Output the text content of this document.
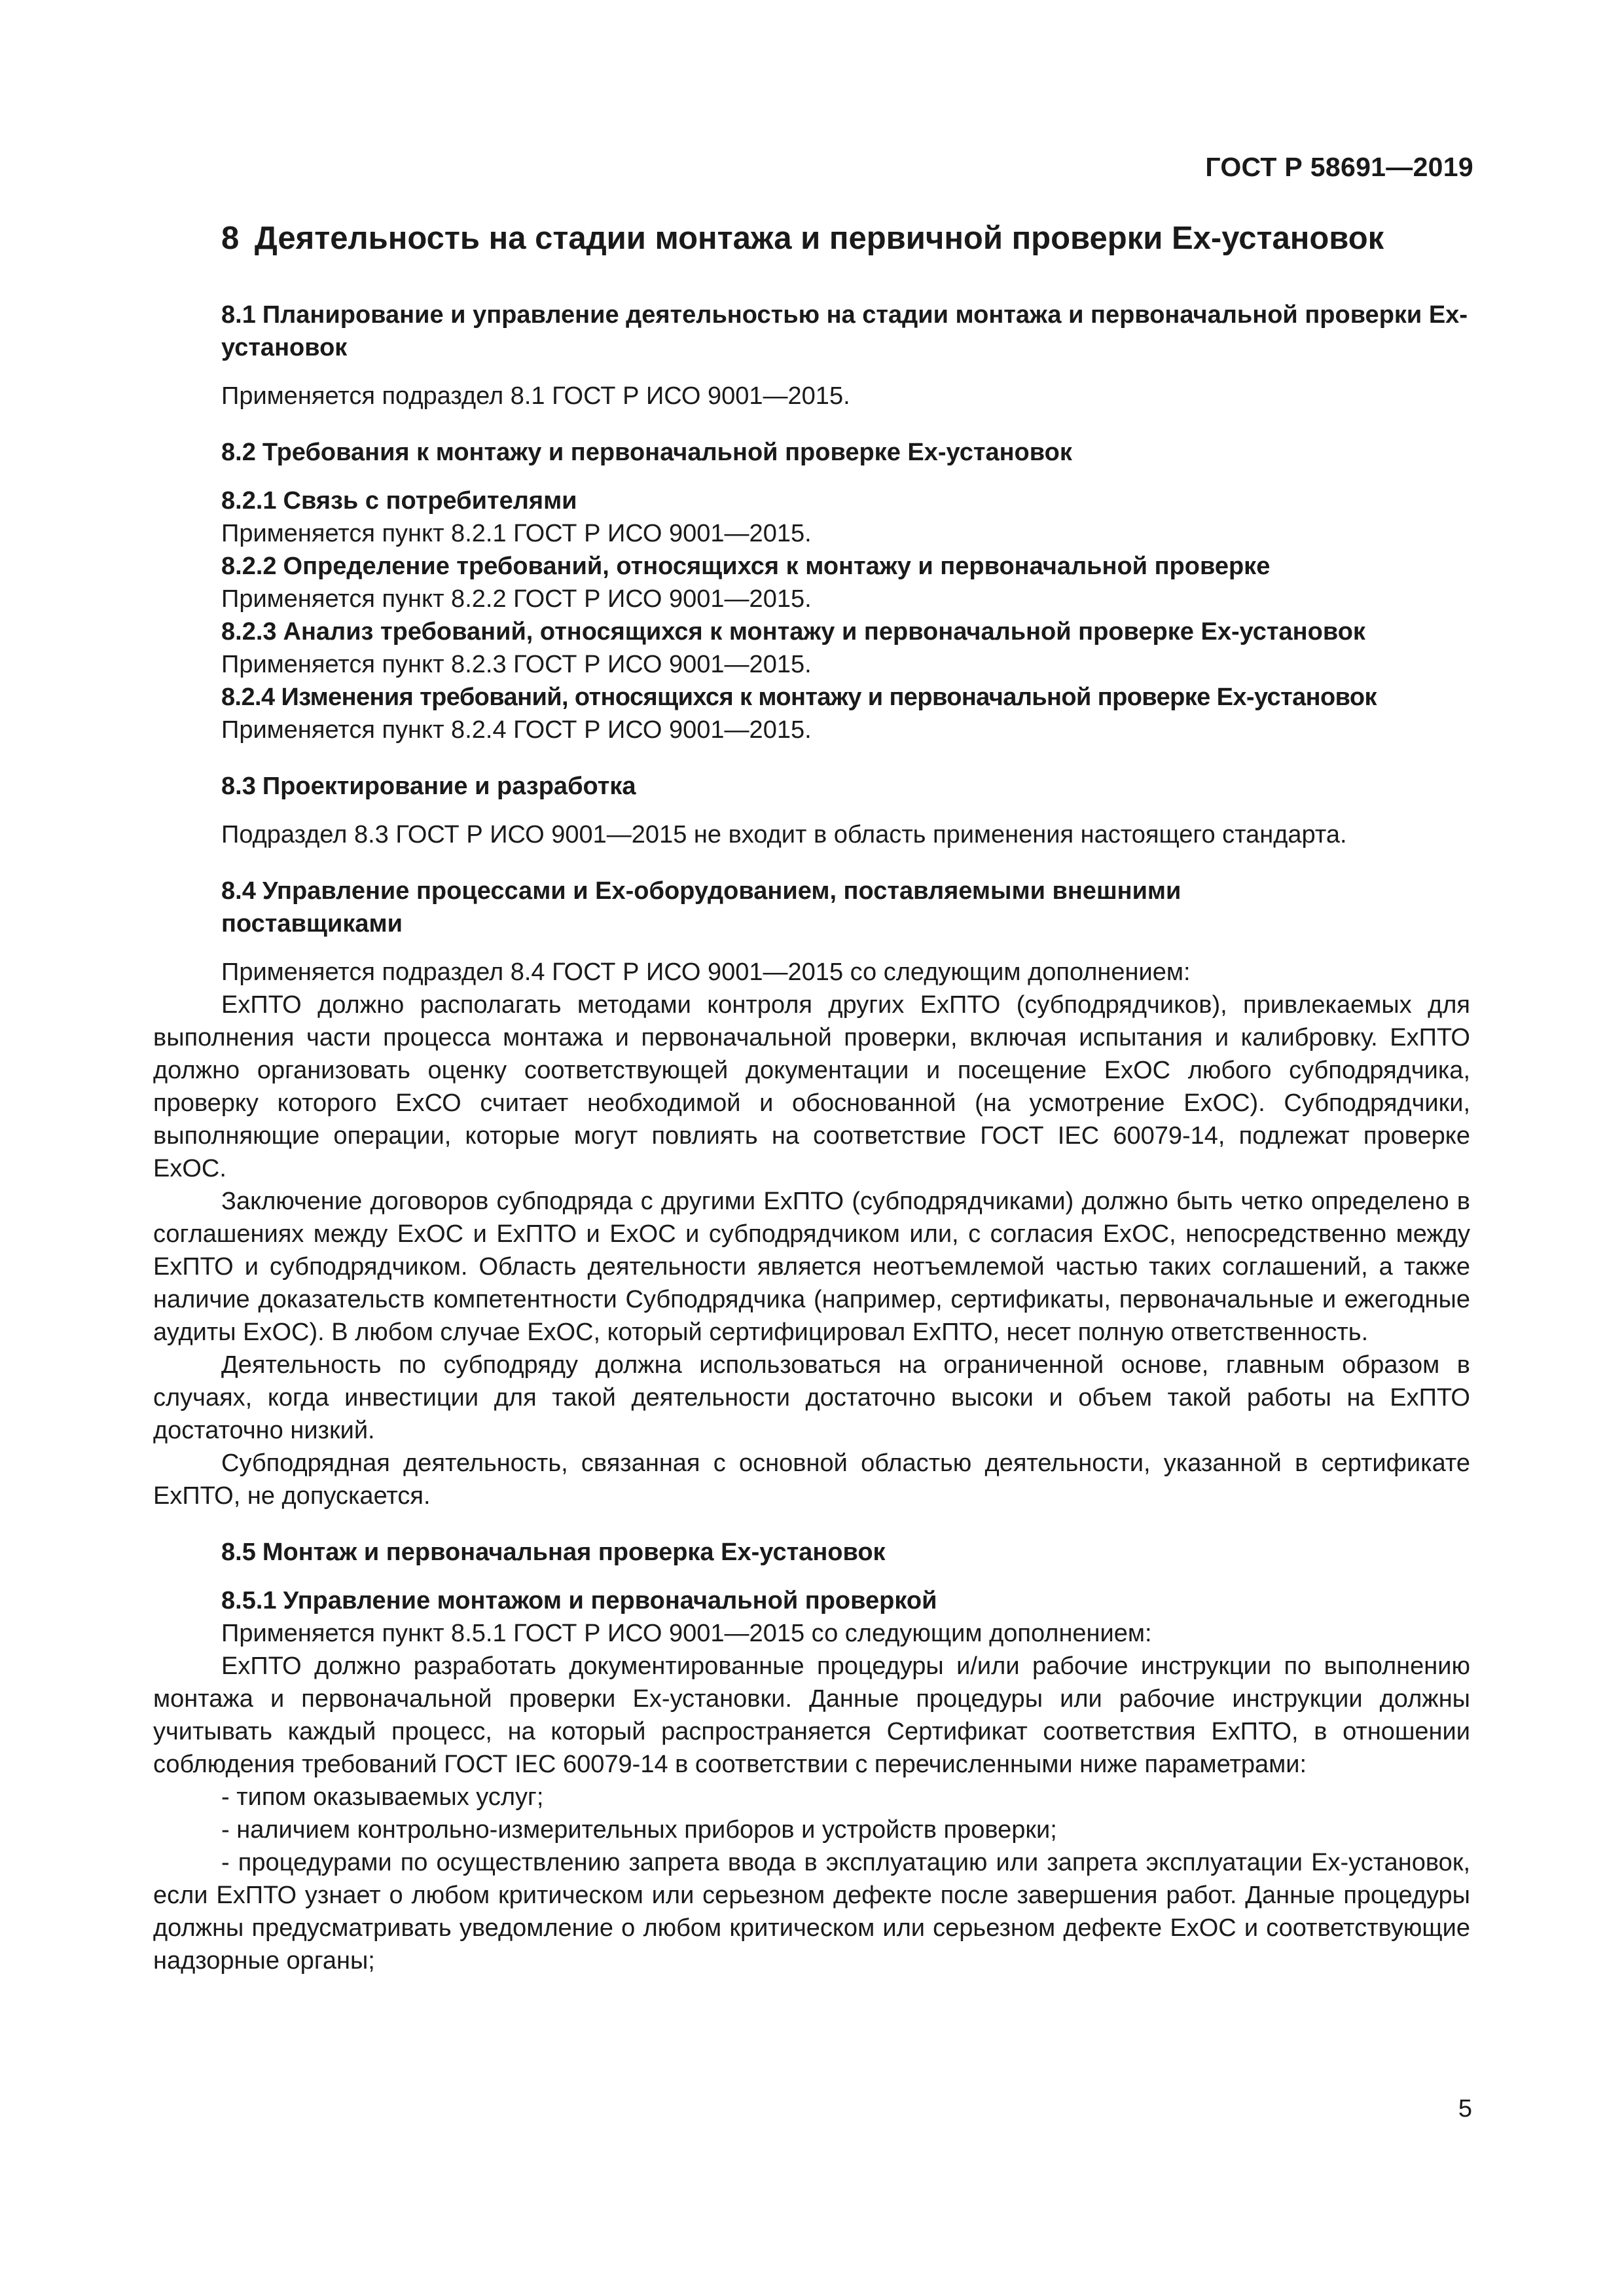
ГОСТ Р 58691—2019
8 Деятельность на стадии монтажа и первичной проверки Ex-установок
8.1 Планирование и управление деятельностью на стадии монтажа и первоначальной проверки Ex-установок

Применяется подраздел 8.1 ГОСТ Р ИСО 9001—2015.

8.2 Требования к монтажу и первоначальной проверке Ex-установок
8.2.1 Связь с потребителями

Применяется пункт 8.2.1 ГОСТ Р ИСО 9001—2015.

8.2.2 Определение требований, относящихся к монтажу и первоначальной проверке

Применяется пункт 8.2.2 ГОСТ Р ИСО 9001—2015.

8.2.3 Анализ требований, относящихся к монтажу и первоначальной проверке Ex-установок

Применяется пункт 8.2.3 ГОСТ Р ИСО 9001—2015.

8.2.4 Изменения требований, относящихся к монтажу и первоначальной проверке Ex-установок

Применяется пункт 8.2.4 ГОСТ Р ИСО 9001—2015.

8.3 Проектирование и разработка

Подраздел 8.3 ГОСТ Р ИСО 9001—2015 не входит в область применения настоящего стандарта.

8.4 Управление процессами и Ex-оборудованием, поставляемыми внешними поставщиками

Применяется подраздел 8.4 ГОСТ Р ИСО 9001—2015 со следующим дополнением:

ExПТО должно располагать методами контроля других ExПТО (субподрядчиков), привлекаемых для выполнения части процесса монтажа и первоначальной проверки, включая испытания и калибровку. ExПТО должно организовать оценку соответствующей документации и посещение ExОС любого субподрядчика, проверку которого ExСО считает необходимой и обоснованной (на усмотрение ExОС). Субподрядчики, выполняющие операции, которые могут повлиять на соответствие ГОСТ IEC 60079-14, подлежат проверке ExОС.

Заключение договоров субподряда с другими ExПТО (субподрядчиками) должно быть четко определено в соглашениях между ExОС и ExПТО и ExОС и субподрядчиком или, с согласия ExОС, непосредственно между ExПТО и субподрядчиком. Область деятельности является неотъемлемой частью таких соглашений, а также наличие доказательств компетентности Субподрядчика (например, сертификаты, первоначальные и ежегодные аудиты ExОС). В любом случае ExОС, который сертифицировал ExПТО, несет полную ответственность.

Деятельность по субподряду должна использоваться на ограниченной основе, главным образом в случаях, когда инвестиции для такой деятельности достаточно высоки и объем такой работы на ExПТО достаточно низкий.

Субподрядная деятельность, связанная с основной областью деятельности, указанной в сертификате ExПТО, не допускается.

8.5 Монтаж и первоначальная проверка Ex-установок
8.5.1 Управление монтажом и первоначальной проверкой

Применяется пункт 8.5.1 ГОСТ Р ИСО 9001—2015 со следующим дополнением:

ExПТО должно разработать документированные процедуры и/или рабочие инструкции по выполнению монтажа и первоначальной проверки Ex-установки. Данные процедуры или рабочие инструкции должны учитывать каждый процесс, на который распространяется Сертификат соответствия ExПТО, в отношении соблюдения требований ГОСТ IEC 60079-14 в соответствии с перечисленными ниже параметрами:

- типом оказываемых услуг;

- наличием контрольно-измерительных приборов и устройств проверки;

- процедурами по осуществлению запрета ввода в эксплуатацию или запрета эксплуатации Ex-установок, если ExПТО узнает о любом критическом или серьезном дефекте после завершения работ. Данные процедуры должны предусматривать уведомление о любом критическом или серьезном дефекте ExОС и соответствующие надзорные органы;

5
